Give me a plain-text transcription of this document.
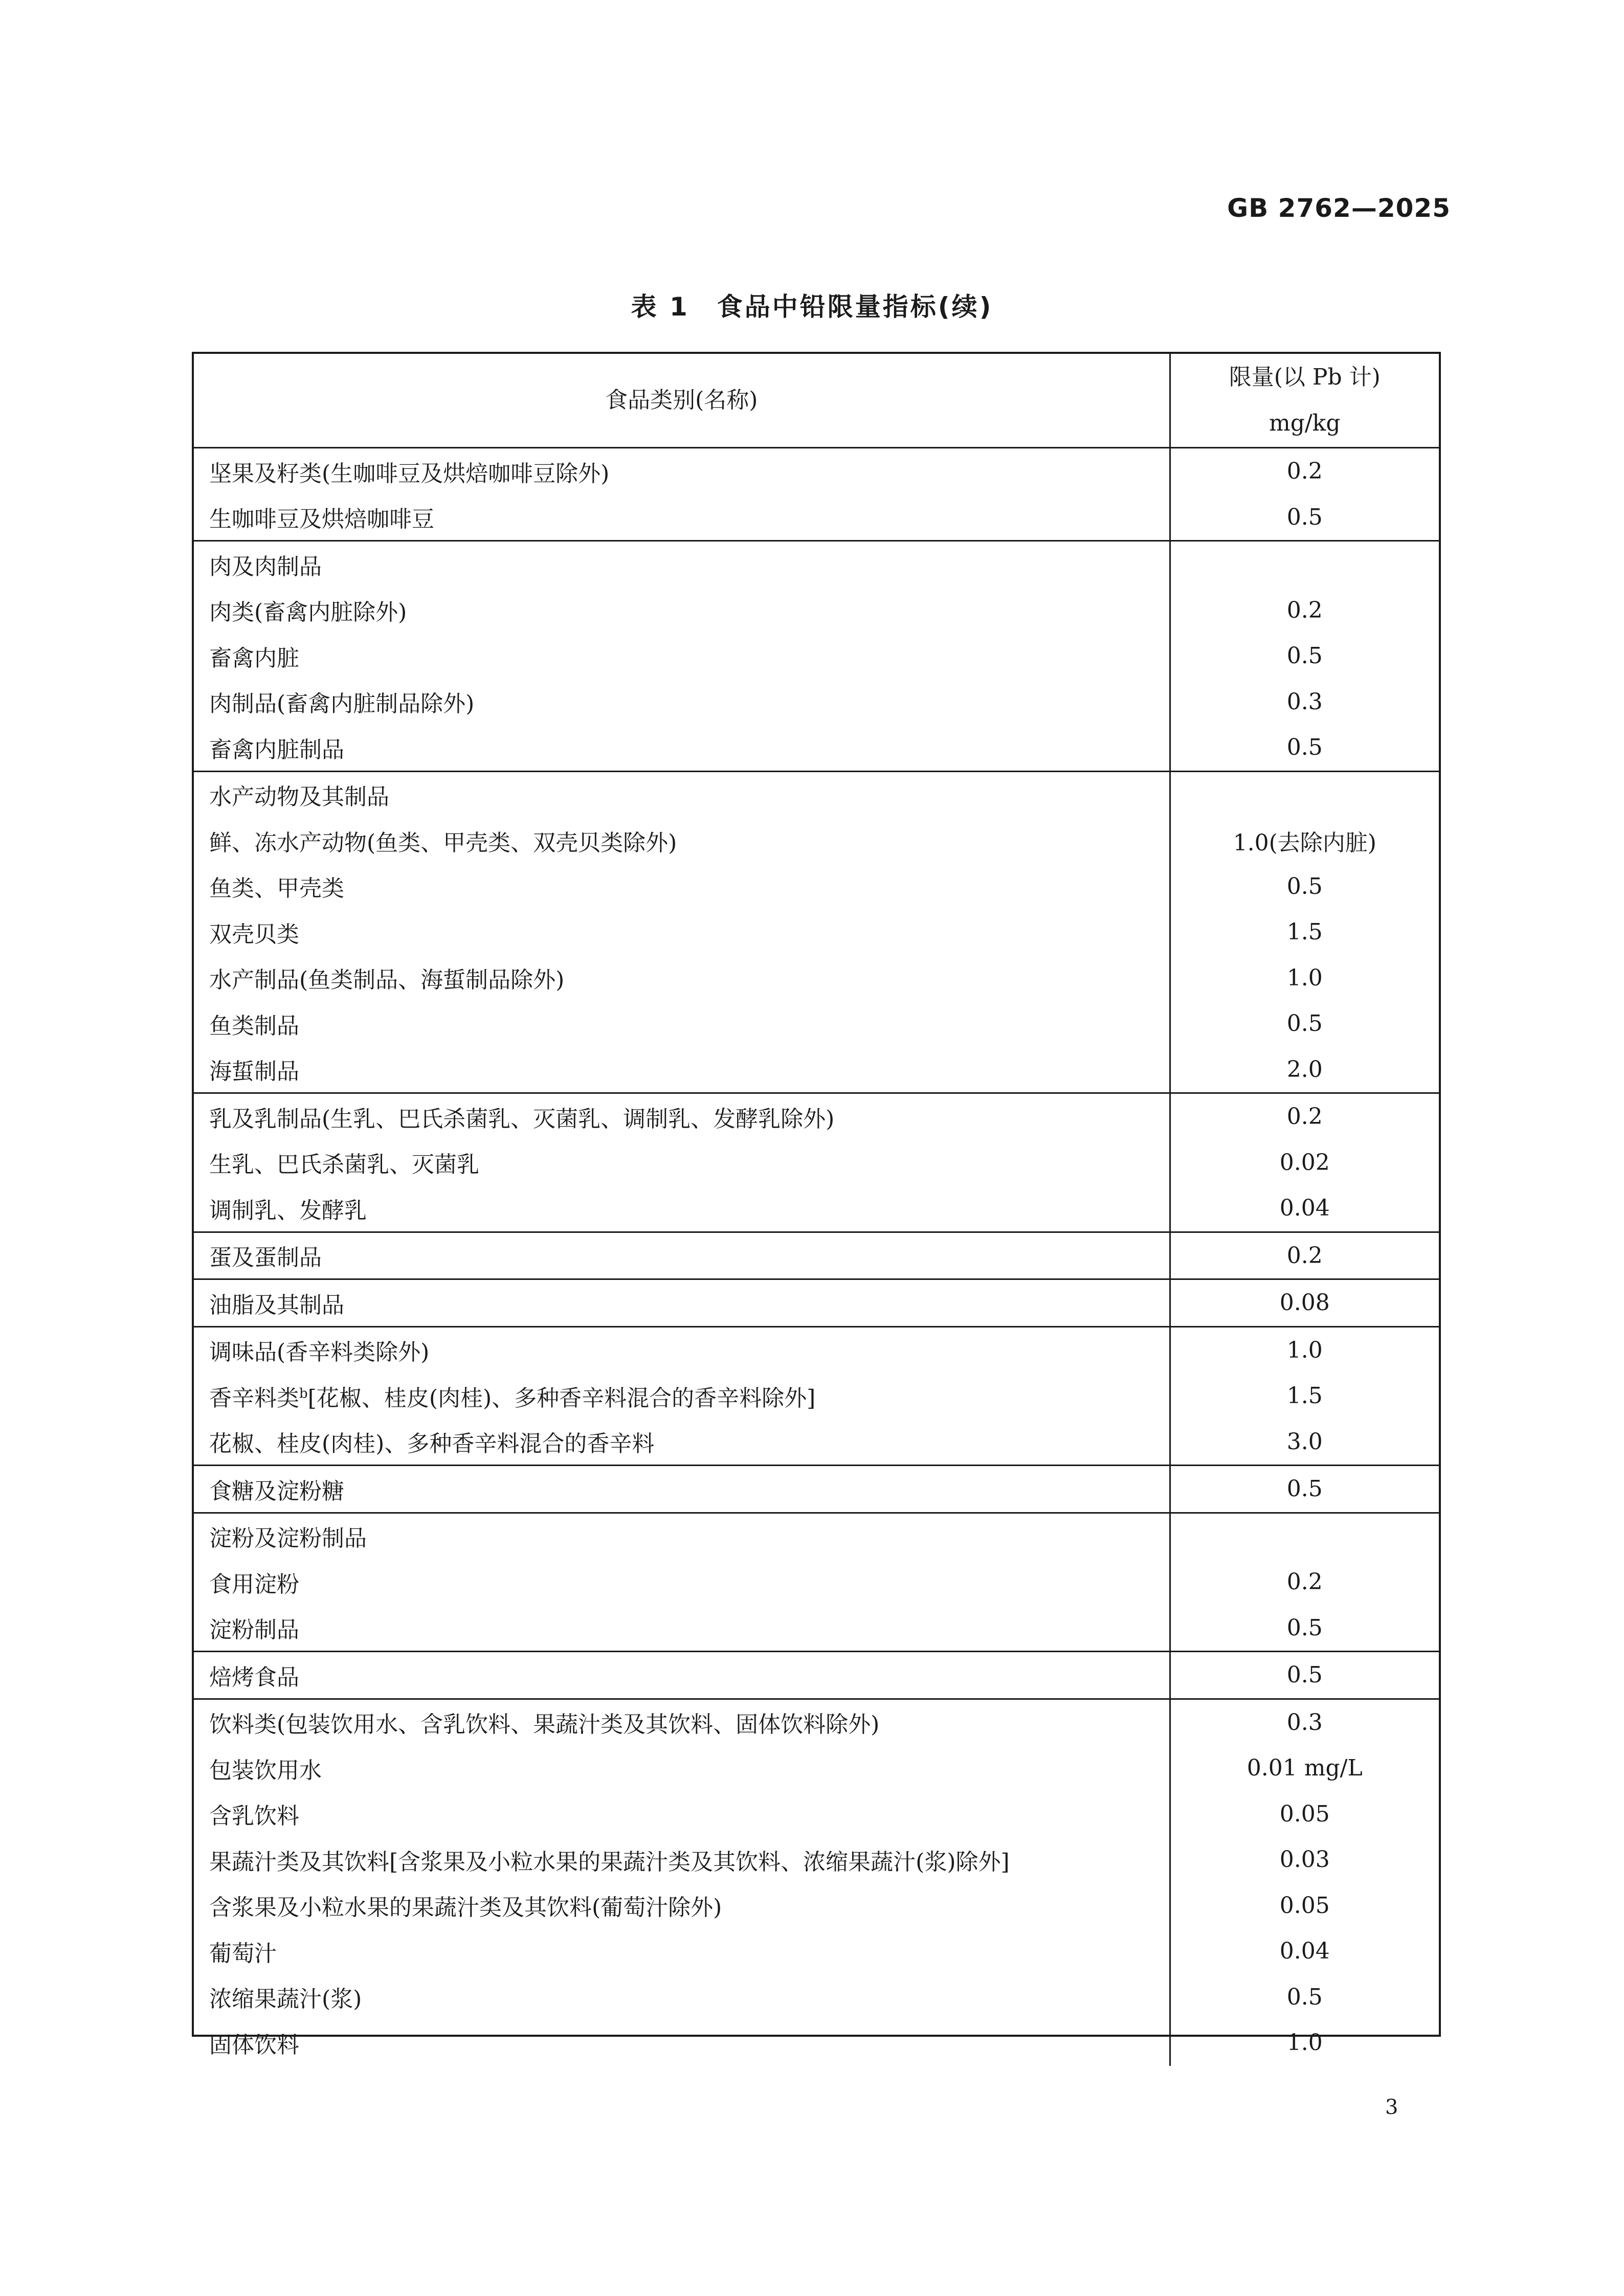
GB 2762—2025
表 1　食品中铅限量指标(续)
食品类别(名称)	限量(以 Pb 计)
mg/kg

坚果及籽类(生咖啡豆及烘焙咖啡豆除外)	0.2
生咖啡豆及烘焙咖啡豆	0.5
肉及肉制品	
肉类(畜禽内脏除外)	0.2
畜禽内脏	0.5
肉制品(畜禽内脏制品除外)	0.3
畜禽内脏制品	0.5
水产动物及其制品	
鲜、冻水产动物(鱼类、甲壳类、双壳贝类除外)	1.0(去除内脏)
鱼类、甲壳类	0.5
双壳贝类	1.5
水产制品(鱼类制品、海蜇制品除外)	1.0
鱼类制品	0.5
海蜇制品	2.0
乳及乳制品(生乳、巴氏杀菌乳、灭菌乳、调制乳、发酵乳除外)	0.2
生乳、巴氏杀菌乳、灭菌乳	0.02
调制乳、发酵乳	0.04
蛋及蛋制品	0.2
油脂及其制品	0.08
调味品(香辛料类除外)	1.0
香辛料类$^b$[花椒、桂皮(肉桂)、多种香辛料混合的香辛料除外]	1.5
花椒、桂皮(肉桂)、多种香辛料混合的香辛料	3.0
食糖及淀粉糖	0.5
淀粉及淀粉制品	
食用淀粉	0.2
淀粉制品	0.5
焙烤食品	0.5
饮料类(包装饮用水、含乳饮料、果蔬汁类及其饮料、固体饮料除外)	0.3
包装饮用水	0.01 mg/L
含乳饮料	0.05
果蔬汁类及其饮料[含浆果及小粒水果的果蔬汁类及其饮料、浓缩果蔬汁(浆)除外]	0.03
含浆果及小粒水果的果蔬汁类及其饮料(葡萄汁除外)	0.05
葡萄汁	0.04
浓缩果蔬汁(浆)	0.5
固体饮料	1.0
3
